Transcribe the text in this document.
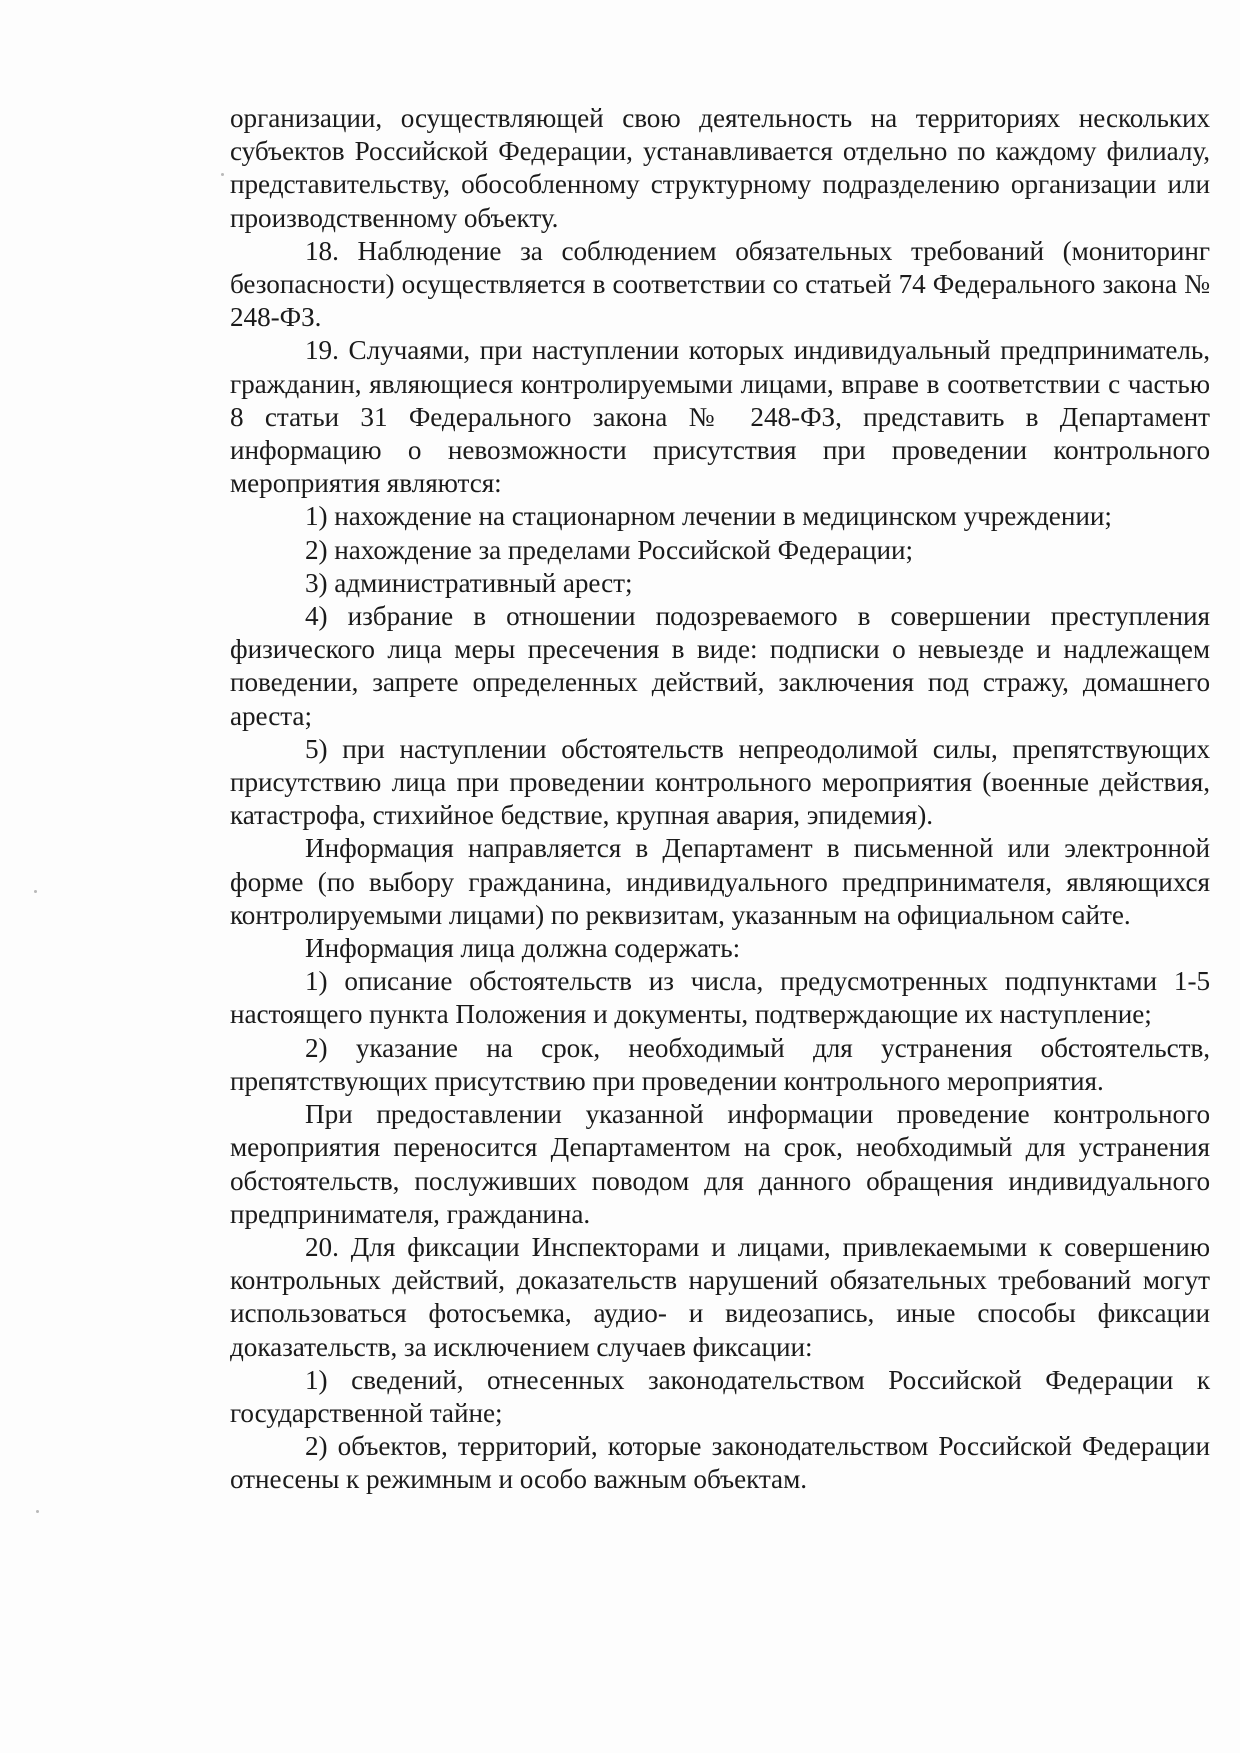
организации, осуществляющей свою деятельность на территориях нескольких субъектов Российской Федерации, устанавливается отдельно по каждому филиалу, представительству, обособленному структурному подразделению организации или производственному объекту.

18. Наблюдение за соблюдением обязательных требований (мониторинг безопасности) осуществляется в соответствии со статьей 74 Федерального закона № 248-ФЗ.

19. Случаями, при наступлении которых индивидуальный предприниматель, гражданин, являющиеся контролируемыми лицами, вправе в соответствии с частью 8 статьи 31 Федерального закона № 248-ФЗ, представить в Департамент информацию о невозможности присутствия при проведении контрольного мероприятия являются:

1) нахождение на стационарном лечении в медицинском учреждении;

2) нахождение за пределами Российской Федерации;

3) административный арест;

4) избрание в отношении подозреваемого в совершении преступления физического лица меры пресечения в виде: подписки о невыезде и надлежащем поведении, запрете определенных действий, заключения под стражу, домашнего ареста;

5) при наступлении обстоятельств непреодолимой силы, препятствующих присутствию лица при проведении контрольного мероприятия (военные действия, катастрофа, стихийное бедствие, крупная авария, эпидемия).

Информация направляется в Департамент в письменной или электронной форме (по выбору гражданина, индивидуального предпринимателя, являющихся контролируемыми лицами) по реквизитам, указанным на официальном сайте.

Информация лица должна содержать:

1) описание обстоятельств из числа, предусмотренных подпунктами 1-5 настоящего пункта Положения и документы, подтверждающие их наступление;

2) указание на срок, необходимый для устранения обстоятельств, препятствующих присутствию при проведении контрольного мероприятия.

При предоставлении указанной информации проведение контрольного мероприятия переносится Департаментом на срок, необходимый для устранения обстоятельств, послуживших поводом для данного обращения индивидуального предпринимателя, гражданина.

20. Для фиксации Инспекторами и лицами, привлекаемыми к совершению контрольных действий, доказательств нарушений обязательных требований могут использоваться фотосъемка, аудио- и видеозапись, иные способы фиксации доказательств, за исключением случаев фиксации:

1) сведений, отнесенных законодательством Российской Федерации к государственной тайне;

2) объектов, территорий, которые законодательством Российской Федерации отнесены к режимным и особо важным объектам.
